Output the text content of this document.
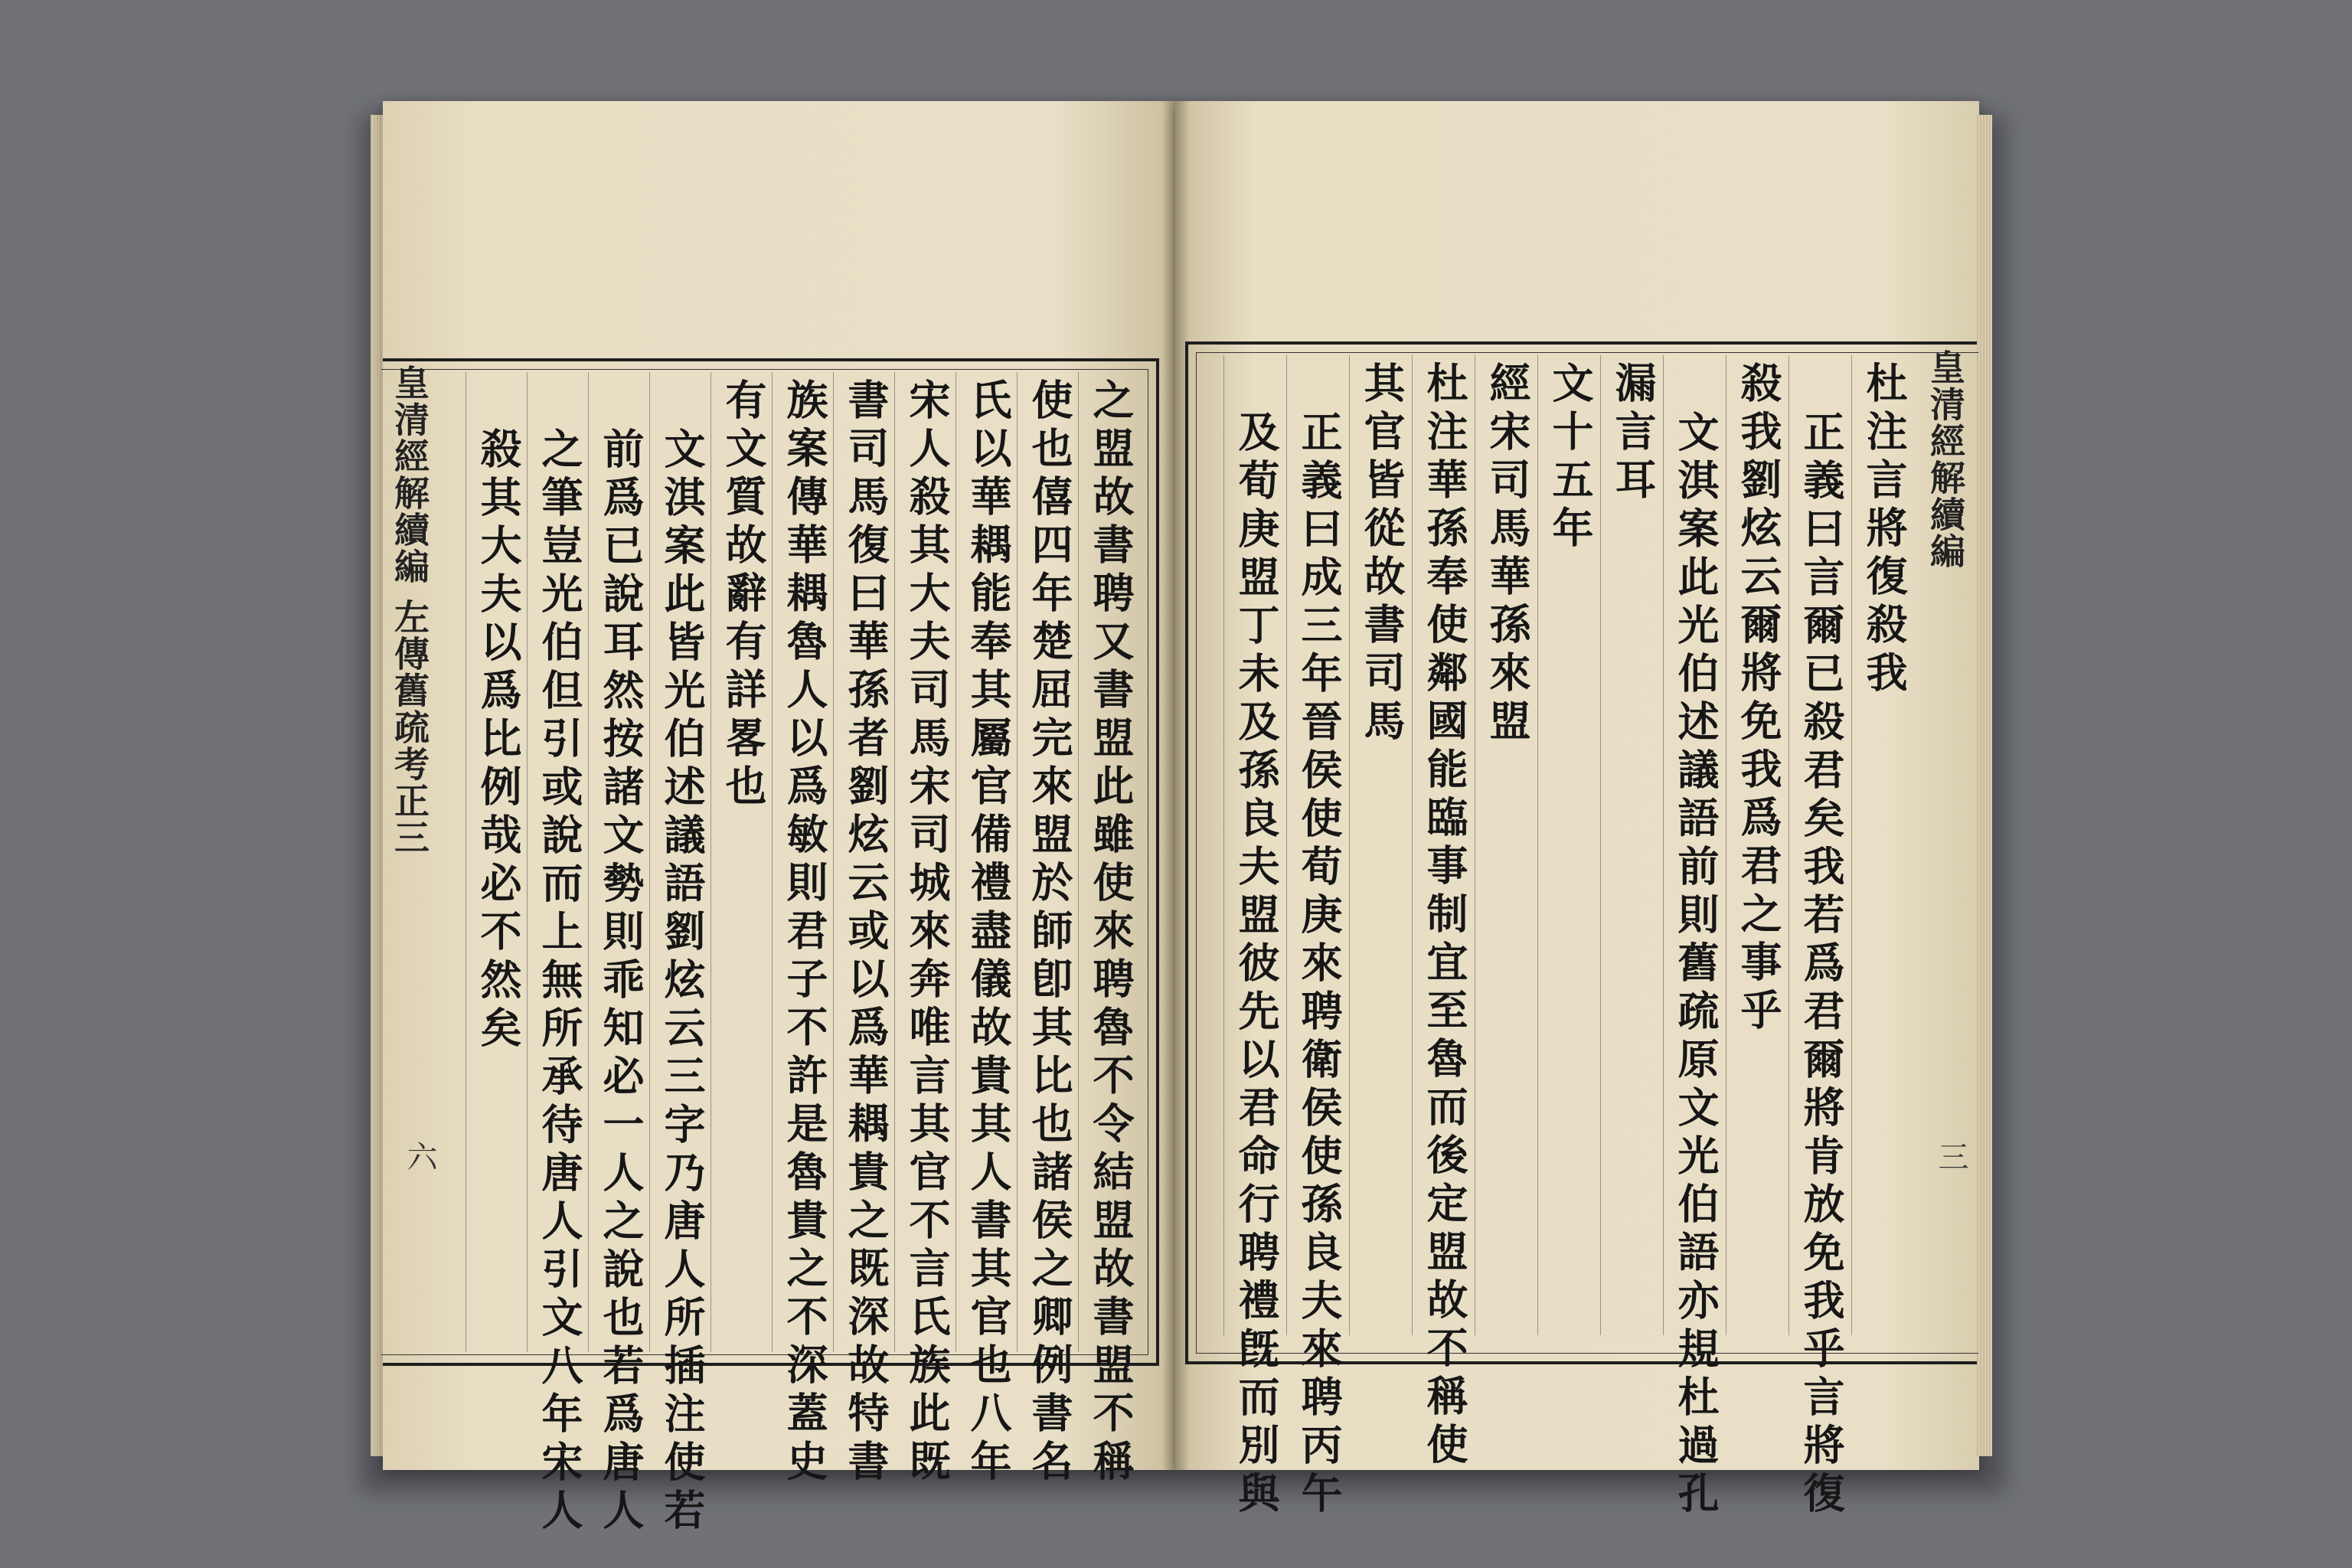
之盟故書聘又書盟此雖使來聘魯不令結盟故書盟不稱
使也僖四年楚屈完來盟於師卽其比也諸侯之卿例書名
氏以華耦能奉其屬官備禮盡儀故貴其人書其官也八年
宋人殺其大夫司馬宋司城來奔唯言其官不言氏族此既
書司馬復曰華孫者劉炫云或以爲華耦貴之既深故特書
族案傳華耦魯人以爲敏則君子不許是魯貴之不深蓋史
有文質故辭有詳畧也
文淇案此皆光伯述議語劉炫云三字乃唐人所插注使若
前爲已說耳然按諸文勢則乖知必一人之說也若爲唐人
之筆豈光伯但引或說而上無所承待唐人引文八年宋人
殺其大夫以爲比例哉必不然矣	杜注言將復殺我
正義曰言爾已殺君矣我若爲君爾將肯放免我乎言將復
殺我劉炫云爾將免我爲君之事乎
文淇案此光伯述議語前則舊疏原文光伯語亦規杜過孔
漏言耳
文十五年
經宋司馬華孫來盟
杜注華孫奉使鄰國能臨事制宜至魯而後定盟故不稱使
其官皆從故書司馬
正義曰成三年晉侯使荀庚來聘衛侯使孫良夫來聘丙午
及荀庚盟丁未及孫良夫盟彼先以君命行聘禮旣而別與
皇清經解續編
左傳舊疏考正三
六
皇清經解續編
三
